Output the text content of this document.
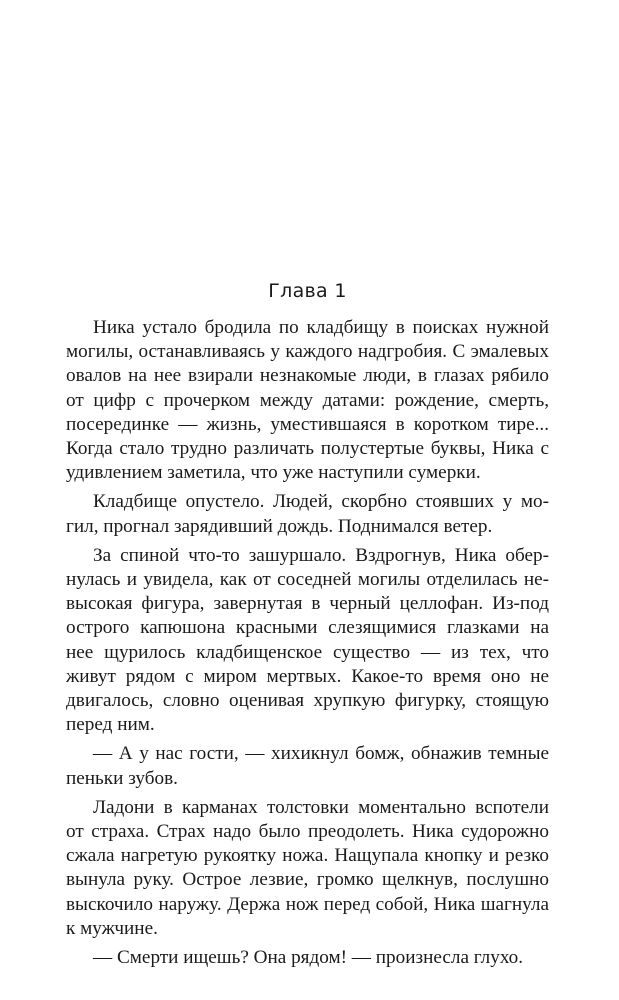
Глава 1

Ника устало бродила по кладбищу в поисках нужной могилы, останавливаясь у каждого надгробия. С эмалевых овалов на нее взирали незнакомые люди, в глазах рябило от цифр с прочерком между датами: рождение, смерть, посерединке — жизнь, уместившаяся в коротком тире... Когда стало трудно различать полустертые буквы, Ника с удивлением заметила, что уже наступили сумерки.

Кладбище опустело. Людей, скорбно стоявших у могил, прогнал зарядивший дождь. Поднимался ветер.

За спиной что-то зашуршало. Вздрогнув, Ника обернулась и увидела, как от соседней могилы отделилась невысокая фигура, завернутая в черный целлофан. Из-под острого капюшона красными слезящимися глазками на нее щурилось кладбищенское существо — из тех, что живут рядом с миром мертвых. Какое-то время оно не двигалось, словно оценивая хрупкую фигурку, стоящую перед ним.

— А у нас гости, — хихикнул бомж, обнажив темные пеньки зубов.

Ладони в карманах толстовки моментально вспотели от страха. Страх надо было преодолеть. Ника судорожно сжала нагретую рукоятку ножа. Нащупала кнопку и резко вынула руку. Острое лезвие, громко щелкнув, послушно выскочило наружу. Держа нож перед собой, Ника шагнула к мужчине.

— Смерти ищешь? Она рядом! — произнесла глухо.
